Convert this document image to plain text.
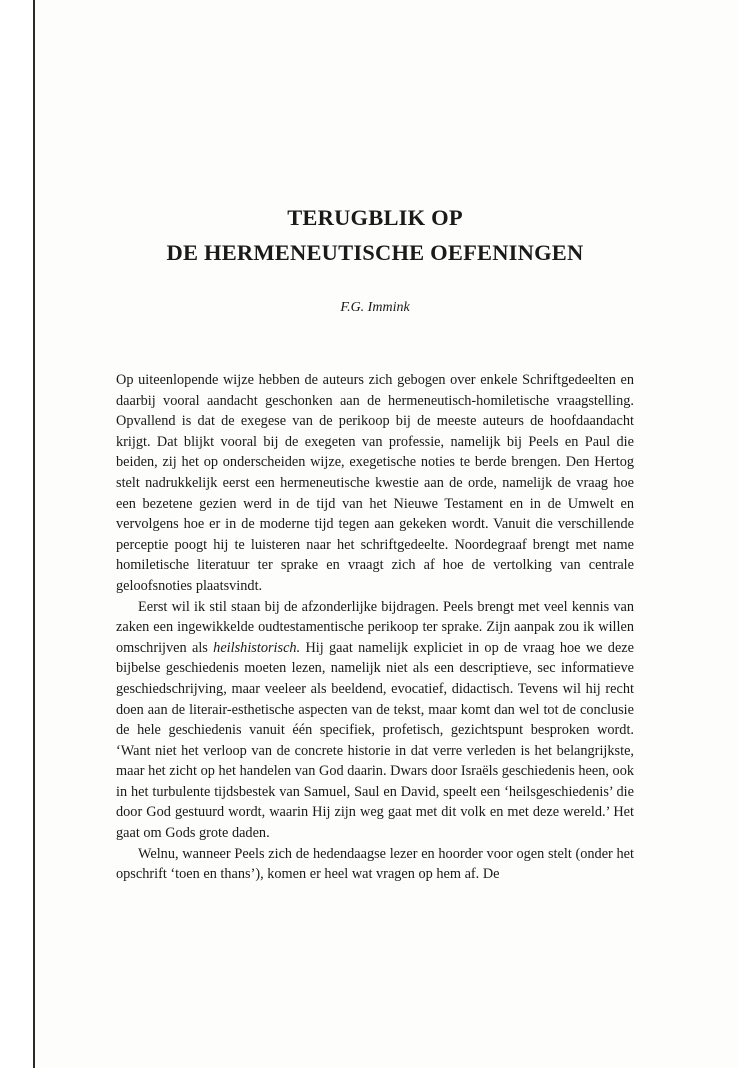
TERUGBLIK OP
DE HERMENEUTISCHE OEFENINGEN

F.G. Immink

Op uiteenlopende wijze hebben de auteurs zich gebogen over enkele Schriftgedeelten en daarbij vooral aandacht geschonken aan de hermeneutisch-homiletische vraagstelling. Opvallend is dat de exegese van de perikoop bij de meeste auteurs de hoofdaandacht krijgt. Dat blijkt vooral bij de exegeten van professie, namelijk bij Peels en Paul die beiden, zij het op onderscheiden wijze, exegetische noties te berde brengen. Den Hertog stelt nadrukkelijk eerst een hermeneutische kwestie aan de orde, namelijk de vraag hoe een bezetene gezien werd in de tijd van het Nieuwe Testament en in de Umwelt en vervolgens hoe er in de moderne tijd tegen aan gekeken wordt. Vanuit die verschillende perceptie poogt hij te luisteren naar het schriftgedeelte. Noordegraaf brengt met name homiletische literatuur ter sprake en vraagt zich af hoe de vertolking van centrale geloofsnoties plaatsvindt.

Eerst wil ik stil staan bij de afzonderlijke bijdragen. Peels brengt met veel kennis van zaken een ingewikkelde oudtestamentische perikoop ter sprake. Zijn aanpak zou ik willen omschrijven als heilshistorisch. Hij gaat namelijk expliciet in op de vraag hoe we deze bijbelse geschiedenis moeten lezen, namelijk niet als een descriptieve, sec informatieve geschiedschrijving, maar veeleer als beeldend, evocatief, didactisch. Tevens wil hij recht doen aan de literair-esthetische aspecten van de tekst, maar komt dan wel tot de conclusie de hele geschiedenis vanuit één specifiek, profetisch, gezichtspunt besproken wordt. ‘Want niet het verloop van de concrete historie in dat verre verleden is het belangrijkste, maar het zicht op het handelen van God daarin. Dwars door Israëls geschiedenis heen, ook in het turbulente tijdsbestek van Samuel, Saul en David, speelt een ‘heilsgeschiedenis’ die door God gestuurd wordt, waarin Hij zijn weg gaat met dit volk en met deze wereld.’ Het gaat om Gods grote daden.

Welnu, wanneer Peels zich de hedendaagse lezer en hoorder voor ogen stelt (onder het opschrift ‘toen en thans’), komen er heel wat vragen op hem af. De
